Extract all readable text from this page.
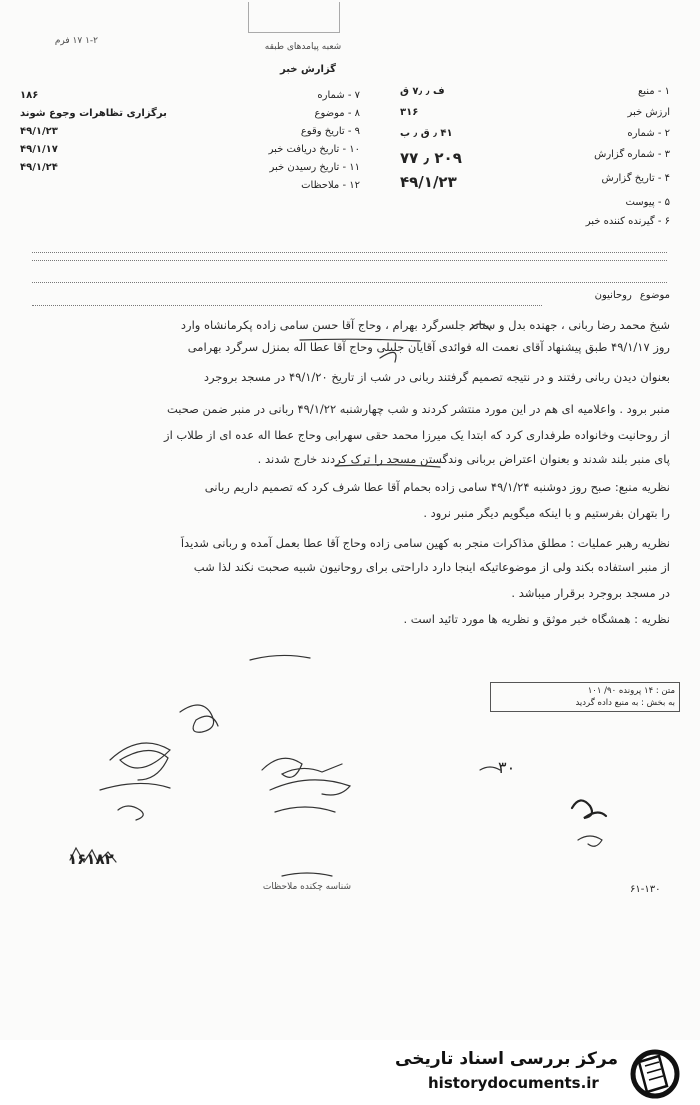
۱-۲ ۱۷ فرم
شعبه پیامدهای طبقه
گزارش خبر
۷ - شماره
۱۸۶
۸ - موضوع
برگزاری تظاهرات وجوع شوند
۹ - تاریخ وقوع
۴۹/۱/۲۳
۱۰ - تاریخ دریافت خبر
۴۹/۱/۱۷
۱۱ - تاریخ رسیدن خبر
۴۹/۱/۲۴
۱۲ - ملاحظات
۱ - منبع
ف ٫ ۷٫ ق
ارزش خبر
۳۱۶
۲ - شماره
۴۱ ٫ ق ٫ ب
۳ - شماره گزارش
۲۰۹ ٫ ۷۷
۴ - تاریخ گزارش
۴۹/۱/۲۳
۵ - پیوست
۶ - گیرنده کننده خبر
موضوع
روحانیون
شیخ محمد رضا ربانی ، جهنده بدل و ستاند جلسرگرد بهرام ، وحاج آقا حسن سامی زاده پکرمانشاه وارد
روز ۴۹/۱/۱۷ طبق پیشنهاد آقای نعمت اله فوائدی آقایان جلیلی وحاج آقا عطا اله بمنزل سرگرد بهرامی
بعنوان دیدن ربانی رفتند و در نتیجه تصمیم گرفتند ربانی در شب از تاریخ ۴۹/۱/۲۰ در مسجد بروجرد
منبر برود . واعلامیه ای هم در این مورد منتشر کردند و شب چهارشنبه ۴۹/۱/۲۲ ربانی در منبر ضمن صحبت
از روحانیت وخانواده طرفداری کرد که ابتدا یک میرزا محمد حقی سهرابی وحاج عطا اله عده ای از طلاب از
پای منبر بلند شدند و بعنوان اعتراض بربانی وندگستن مسجد را ترک کردند خارج شدند .
نظریه منبع: صبح روز دوشنبه ۴۹/۱/۲۴ سامی زاده بحمام آقا عطا شرف کرد که تصمیم داریم ربانی
را بتهران بفرستیم و با اینکه میگویم دیگر منبر نرود .
نظریه رهبر عملیات : مطلق مذاکرات منجر به کهین سامی زاده وحاج آقا عطا بعمل آمده و ربانی شدیداً
از منبر استفاده بکند ولی از موضوعاتیکه اینجا دارد داراحتی برای روحانیون شبیه صحبت نکند لذا شب
در مسجد بروجرد برقرار میباشد .
نظریه : همشگاه خبر موثق و نظریه ها مورد تائید است .
متن : ۱۴ پرونده ۹۰/ ۱۰۱
به بخش : به منبع داده گردید
شناسه چکنده ملاحظات	۶۱-۱۳۰
۱۶۱۸۲
۳۰
مرکز بررسی اسناد تاریخی
historydocuments.ir
